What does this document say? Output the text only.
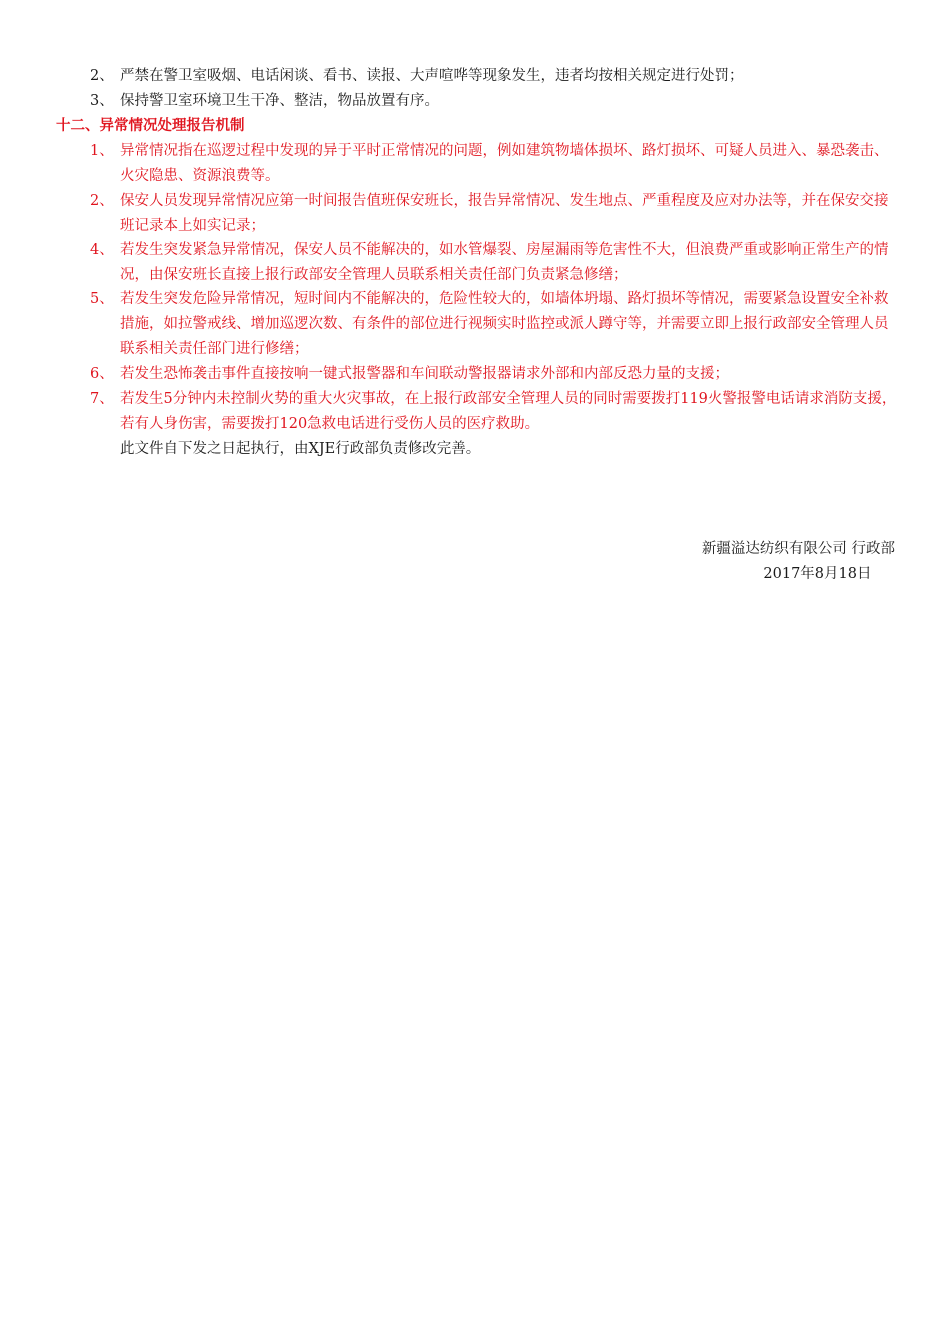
2、 严禁在警卫室吸烟、电话闲谈、看书、读报、大声喧哗等现象发生，违者均按相关规定进行处罚；
3、 保持警卫室环境卫生干净、整洁，物品放置有序。
十二、异常情况处理报告机制
1、 异常情况指在巡逻过程中发现的异于平时正常情况的问题，例如建筑物墙体损坏、路灯损坏、可疑人员进入、暴恐袭击、火灾隐患、资源浪费等。
2、 保安人员发现异常情况应第一时间报告值班保安班长，报告异常情况、发生地点、严重程度及应对办法等，并在保安交接班记录本上如实记录；
4、 若发生突发紧急异常情况，保安人员不能解决的，如水管爆裂、房屋漏雨等危害性不大，但浪费严重或影响正常生产的情况，由保安班长直接上报行政部安全管理人员联系相关责任部门负责紧急修缮；
5、 若发生突发危险异常情况，短时间内不能解决的，危险性较大的，如墙体坍塌、路灯损坏等情况，需要紧急设置安全补救措施，如拉警戒线、增加巡逻次数、有条件的部位进行视频实时监控或派人蹲守等，并需要立即上报行政部安全管理人员联系相关责任部门进行修缮；
6、 若发生恐怖袭击事件直接按响一键式报警器和车间联动警报器请求外部和内部反恐力量的支援；
7、 若发生5分钟内未控制火势的重大火灾事故，在上报行政部安全管理人员的同时需要拨打119火警报警电话请求消防支援，若有人身伤害，需要拨打120急救电话进行受伤人员的医疗救助。
此文件自下发之日起执行，由XJE行政部负责修改完善。
新疆溢达纺织有限公司 行政部
2017年8月18日
